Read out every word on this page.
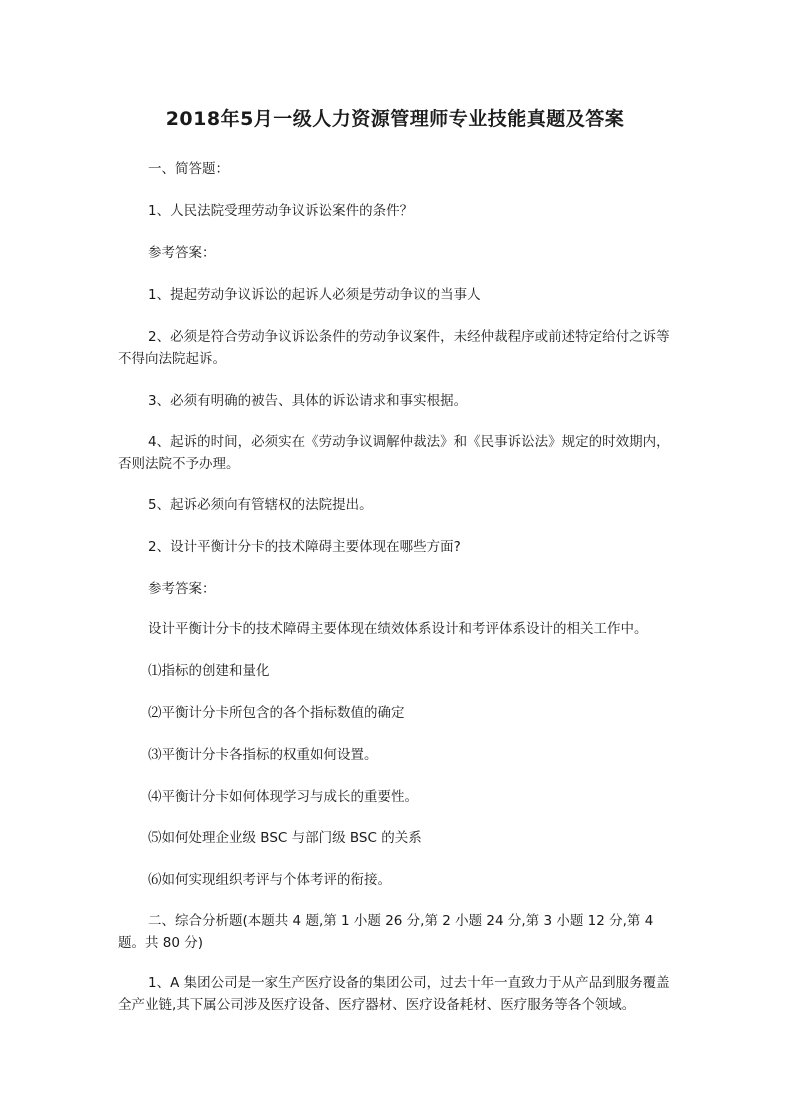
2018年5月一级人力资源管理师专业技能真题及答案

一、简答题：

1、人民法院受理劳动争议诉讼案件的条件？

参考答案：

1、提起劳动争议诉讼的起诉人必须是劳动争议的当事人

2、必须是符合劳动争议诉讼条件的劳动争议案件，未经仲裁程序或前述特定给付之诉等不得向法院起诉。

3、必须有明确的被告、具体的诉讼请求和事实根据。

4、起诉的时间，必须实在《劳动争议调解仲裁法》和《民事诉讼法》规定的时效期内，否则法院不予办理。

5、起诉必须向有管辖权的法院提出。

2、设计平衡计分卡的技术障碍主要体现在哪些方面?

参考答案：

设计平衡计分卡的技术障碍主要体现在绩效体系设计和考评体系设计的相关工作中。

⑴指标的创建和量化

⑵平衡计分卡所包含的各个指标数值的确定

⑶平衡计分卡各指标的权重如何设置。

⑷平衡计分卡如何体现学习与成长的重要性。

⑸如何处理企业级 BSC 与部门级 BSC 的关系

⑹如何实现组织考评与个体考评的衔接。

二、综合分析题(本题共 4 题,第 1 小题 26 分,第 2 小题 24 分,第 3 小题 12 分,第 4 题。共 80 分)

1、A 集团公司是一家生产医疗设备的集团公司，过去十年一直致力于从产品到服务覆盖全产业链,其下属公司涉及医疗设备、医疗器材、医疗设备耗材、医疗服务等各个领域。
